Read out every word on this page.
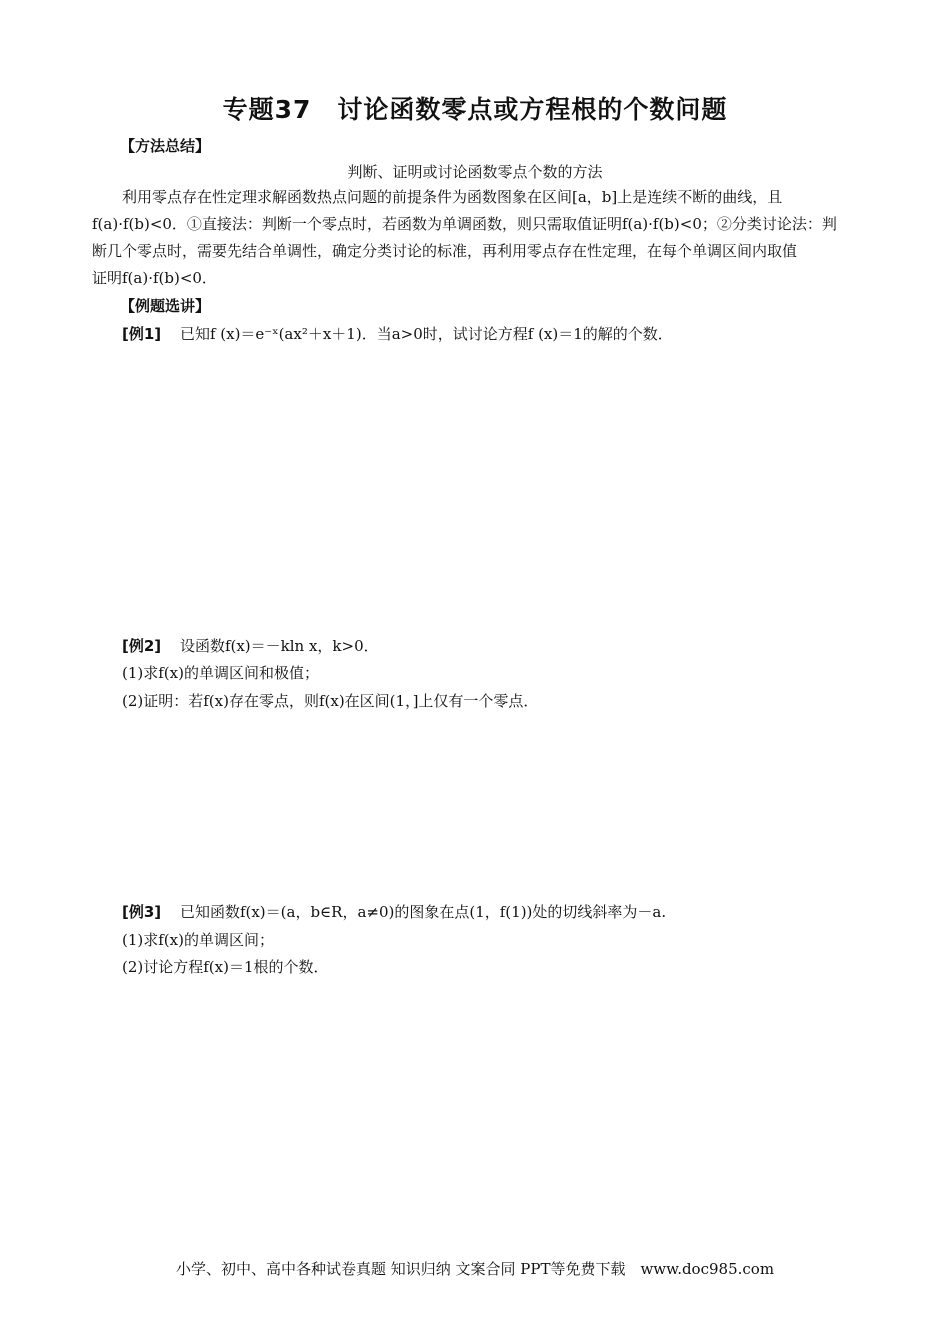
专题37　讨论函数零点或方程根的个数问题
【方法总结】
判断、证明或讨论函数零点个数的方法
利用零点存在性定理求解函数热点问题的前提条件为函数图象在区间[a，b]上是连续不断的曲线，且
f(a)·f(b)<0．①直接法：判断一个零点时，若函数为单调函数，则只需取值证明f(a)·f(b)<0；②分类讨论法：判
断几个零点时，需要先结合单调性，确定分类讨论的标准，再利用零点存在性定理，在每个单调区间内取值
证明f(a)·f(b)<0．
【例题选讲】
[例1] 已知f (x)＝e⁻ˣ(ax²＋x＋1)．当a>0时，试讨论方程f (x)＝1的解的个数．
[例2] 设函数f(x)＝－kln x，k>0．
(1)求f(x)的单调区间和极值；
(2)证明：若f(x)存在零点，则f(x)在区间(1，]上仅有一个零点．
[例3] 已知函数f(x)＝(a，b∈R，a≠0)的图象在点(1，f(1))处的切线斜率为－a.
(1)求f(x)的单调区间；
(2)讨论方程f(x)＝1根的个数．
小学、初中、高中各种试卷真题 知识归纳 文案合同 PPT等免费下载　www.doc985.com
